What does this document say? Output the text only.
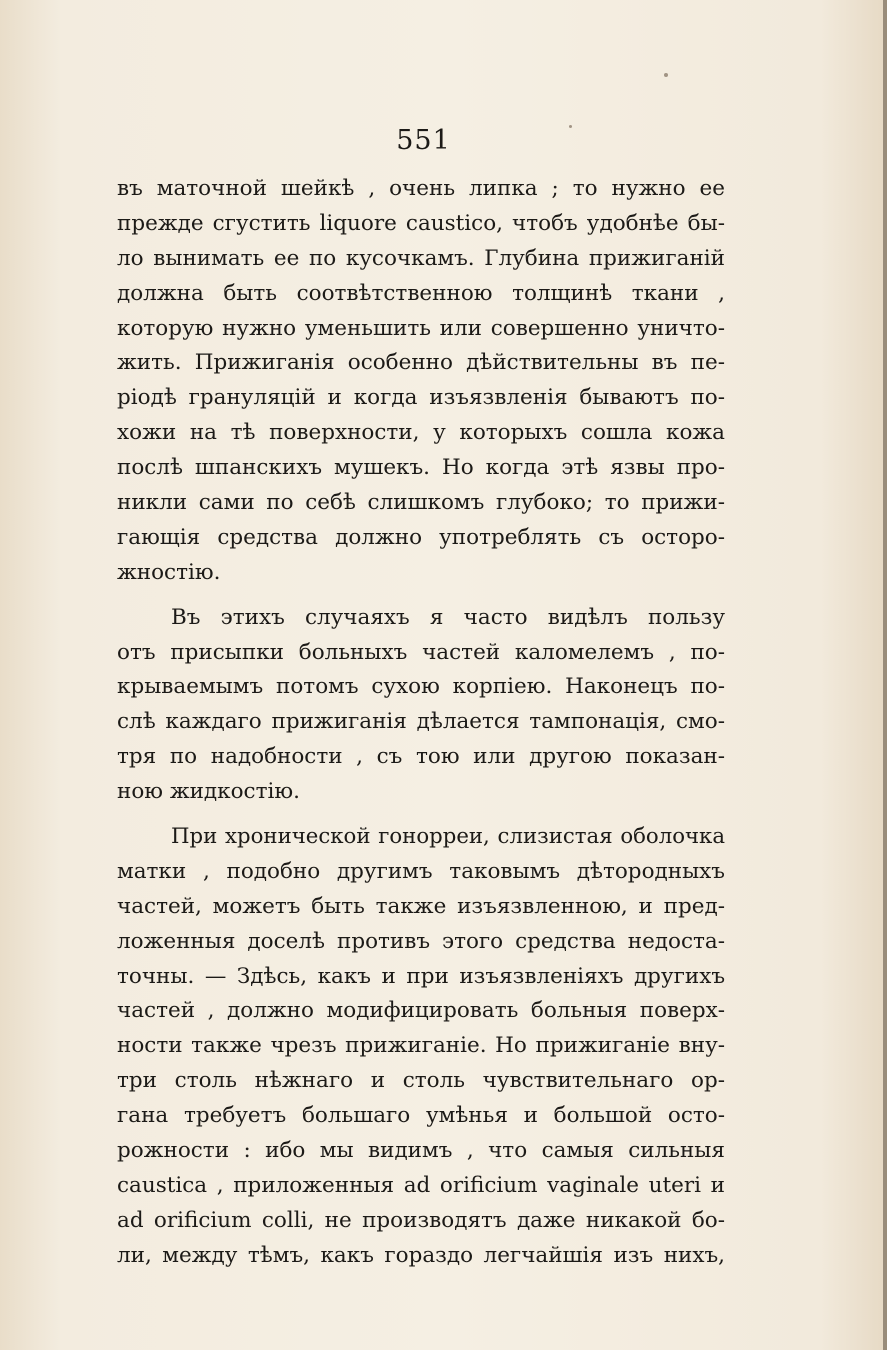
551
въ маточной шейкѣ , очень липка ; то нужно ее
прежде сгустить liquore caustico, чтобъ удобнѣе бы-
ло вынимать ее по кусочкамъ. Глубина прижиганій
должна быть соотвѣтственною толщинѣ ткани ,
которую нужно уменьшить или совершенно уничто-
жить. Прижиганія особенно дѣйствительны въ пе-
ріодѣ грануляцій и когда изъязвленія бываютъ по-
хожи на тѣ поверхности, у которыхъ сошла кожа
послѣ шпанскихъ мушекъ. Но когда этѣ язвы про-
никли сами по себѣ слишкомъ глубоко; то прижи-
гающія средства должно употреблять съ осторо-
жностію.
Въ этихъ случаяхъ я часто видѣлъ пользу
отъ присыпки больныхъ частей каломелемъ , по-
крываемымъ потомъ сухою корпіею. Наконецъ по-
слѣ каждаго прижиганія дѣлается тампонація, смо-
тря по надобности , съ тою или другою показан-
ною жидкостію.
При хронической гонорреи, слизистая оболочка
матки , подобно другимъ таковымъ дѣтородныхъ
частей, можетъ быть также изъязвленною, и пред-
ложенныя доселѣ противъ этого средства недоста-
точны. — Здѣсь, какъ и при изъязвленіяхъ другихъ
частей , должно модифицировать больныя поверх-
ности также чрезъ прижиганіе. Но прижиганіе вну-
три столь нѣжнаго и столь чувствительнаго ор-
гана требуетъ большаго умѣнья и большой осто-
рожности : ибо мы видимъ , что самыя сильныя
caustica , приложенныя ad orificium vaginale uteri и
ad orificium colli, не производятъ даже никакой бо-
ли, между тѣмъ, какъ гораздо легчайшія изъ нихъ,
